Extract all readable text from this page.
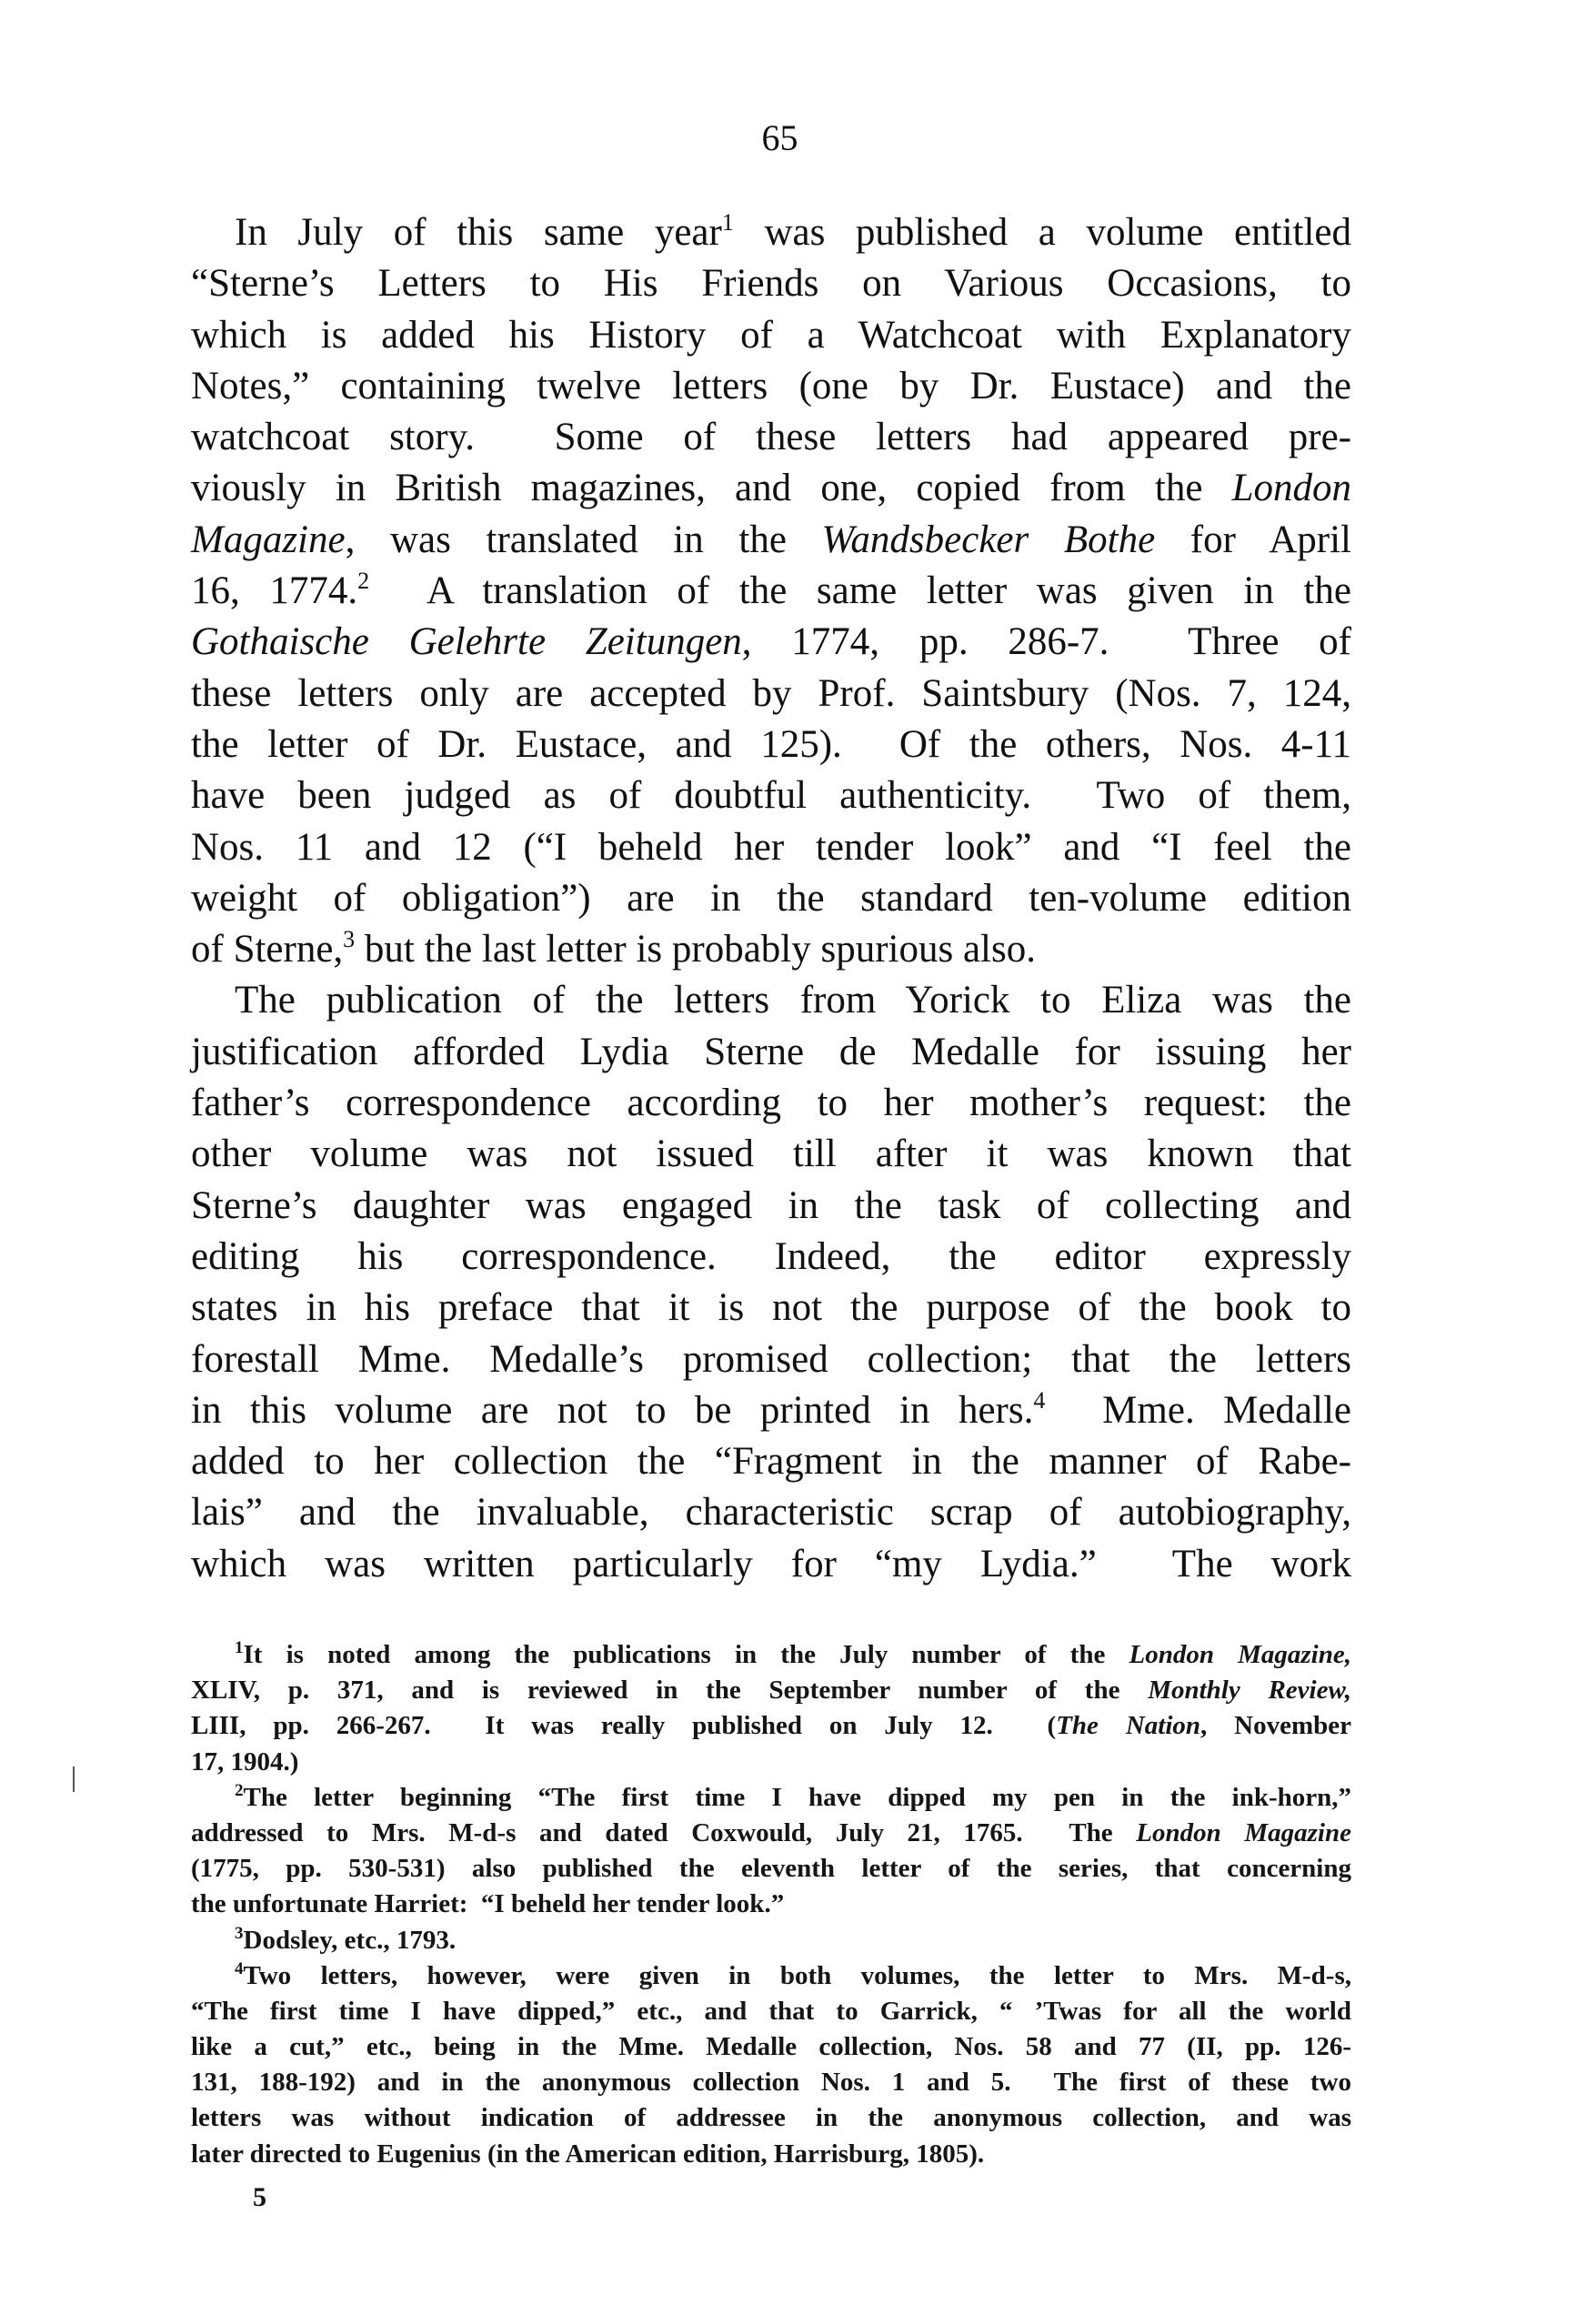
65
In July of this same year$^1$ was published a volume entitled
“Sterne’s Letters to His Friends on Various Occasions, to
which is added his History of a Watchcoat with Explanatory
Notes,” containing twelve letters (one by Dr. Eustace) and the
watchcoat story.  Some of these letters had appeared pre-
viously in British magazines, and one, copied from the London
Magazine, was translated in the Wandsbecker Bothe for April
16, 1774.$^2$  A translation of the same letter was given in the
Gothaische Gelehrte Zeitungen, 1774, pp. 286-7.  Three of
these letters only are accepted by Prof. Saintsbury (Nos. 7, 124,
the letter of Dr. Eustace, and 125).  Of the others, Nos. 4-11
have been judged as of doubtful authenticity.  Two of them,
Nos. 11 and 12 (“I beheld her tender look” and “I feel the
weight of obligation”) are in the standard ten-volume edition
of Sterne,$^3$ but the last letter is probably spurious also.
The publication of the letters from Yorick to Eliza was the
justification afforded Lydia Sterne de Medalle for issuing her
father’s correspondence according to her mother’s request: the
other volume was not issued till after it was known that
Sterne’s daughter was engaged in the task of collecting and
editing his correspondence. Indeed, the editor expressly
states in his preface that it is not the purpose of the book to
forestall Mme. Medalle’s promised collection; that the letters
in this volume are not to be printed in hers.$^4$  Mme. Medalle
added to her collection the “Fragment in the manner of Rabe-
lais” and the invaluable, characteristic scrap of autobiography,
which was written particularly for “my Lydia.”  The work
$^1$It is noted among the publications in the July number of the London Magazine,
XLIV, p. 371, and is reviewed in the September number of the Monthly Review,
LIII, pp. 266-267.  It was really published on July 12.  (The Nation, November
17, 1904.)
$^2$The letter beginning “The first time I have dipped my pen in the ink-horn,”
addressed to Mrs. M-d-s and dated Coxwould, July 21, 1765.  The London Magazine
(1775, pp. 530-531) also published the eleventh letter of the series, that concerning
the unfortunate Harriet:  “I beheld her tender look.”
$^3$Dodsley, etc., 1793.
$^4$Two letters, however, were given in both volumes, the letter to Mrs. M-d-s,
“The first time I have dipped,” etc., and that to Garrick, “ ’Twas for all the world
like a cut,” etc., being in the Mme. Medalle collection, Nos. 58 and 77 (II, pp. 126-
131, 188-192) and in the anonymous collection Nos. 1 and 5.  The first of these two
letters was without indication of addressee in the anonymous collection, and was
later directed to Eugenius (in the American edition, Harrisburg, 1805).
5
